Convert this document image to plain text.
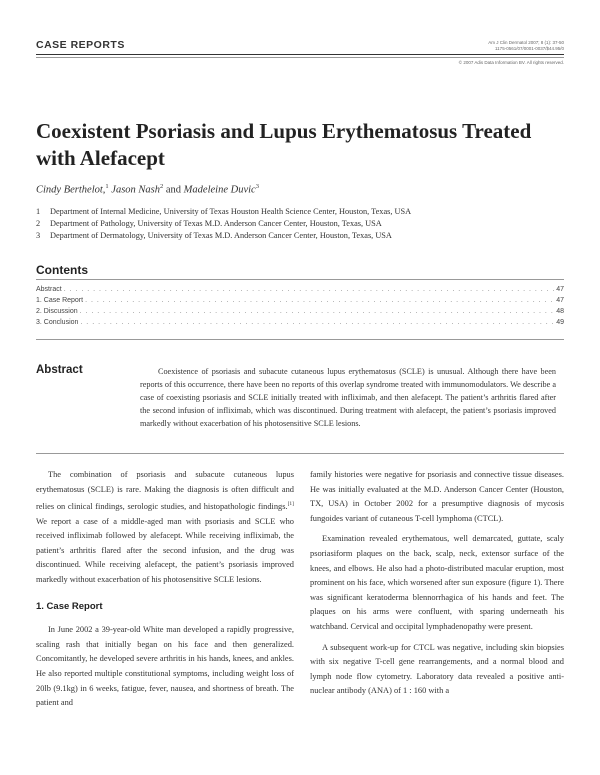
CASE REPORTS	Am J Clin Dermatol 2007; 8 (1): 37-50
1175-0561/07/0001-0037/$44.95/0
© 2007 Adis Data Information BV. All rights reserved.
Coexistent Psoriasis and Lupus Erythematosus Treated with Alefacept
Cindy Berthelot,$^1$ Jason Nash$^2$ and Madeleine Duvic$^3$
1 Department of Internal Medicine, University of Texas Houston Health Science Center, Houston, Texas, USA
2 Department of Pathology, University of Texas M.D. Anderson Cancer Center, Houston, Texas, USA
3 Department of Dermatology, University of Texas M.D. Anderson Cancer Center, Houston, Texas, USA
Contents
Abstract . . .	47
1. Case Report . . .	47
2. Discussion . . .	48
3. Conclusion . . .	49
Abstract	Coexistence of psoriasis and subacute cutaneous lupus erythematosus (SCLE) is unusual. Although there have been reports of this occurrence, there have been no reports of this overlap syndrome treated with immunomodulators. We describe a case of coexisting psoriasis and SCLE initially treated with infliximab, and then alefacept. The patient’s arthritis flared after the second infusion of infliximab, which was discontinued. During treatment with alefacept, the patient’s psoriasis improved markedly without exacerbation of his photosensitive SCLE lesions.

The combination of psoriasis and subacute cutaneous lupus erythematosus (SCLE) is rare. Making the diagnosis is often difficult and relies on clinical findings, serologic studies, and histopathologic findings.[1] We report a case of a middle-aged man with psoriasis and SCLE who received infliximab followed by alefacept. While receiving infliximab, the patient’s arthritis flared after the second infusion, and the drug was discontinued. While receiving alefacept, the patient’s psoriasis improved markedly without exacerbation of his photosensitive SCLE lesions.

1. Case Report

In June 2002 a 39-year-old White man developed a rapidly progressive, scaling rash that initially began on his face and then generalized. Concomitantly, he developed severe arthritis in his hands, knees, and ankles. He also reported multiple constitutional symptoms, including weight loss of 20lb (9.1kg) in 6 weeks, fatigue, fever, nausea, and shortness of breath. The patient and

family histories were negative for psoriasis and connective tissue diseases. He was initially evaluated at the M.D. Anderson Cancer Center (Houston, TX, USA) in October 2002 for a presumptive diagnosis of mycosis fungoides variant of cutaneous T-cell lymphoma (CTCL).

Examination revealed erythematous, well demarcated, guttate, scaly psoriasiform plaques on the back, scalp, neck, extensor surface of the knees, and elbows. He also had a photo-distributed macular eruption, most prominent on his face, which worsened after sun exposure (figure 1). There was significant keratoderma blennorrhagica of his hands and feet. The plaques on his arms were confluent, with sparing underneath his watchband. Cervical and occipital lymphadenopathy were present.

A subsequent work-up for CTCL was negative, including skin biopsies with six negative T-cell gene rearrangements, and a normal blood and lymph node flow cytometry. Laboratory data revealed a positive anti-nuclear antibody (ANA) of 1 : 160 with a
